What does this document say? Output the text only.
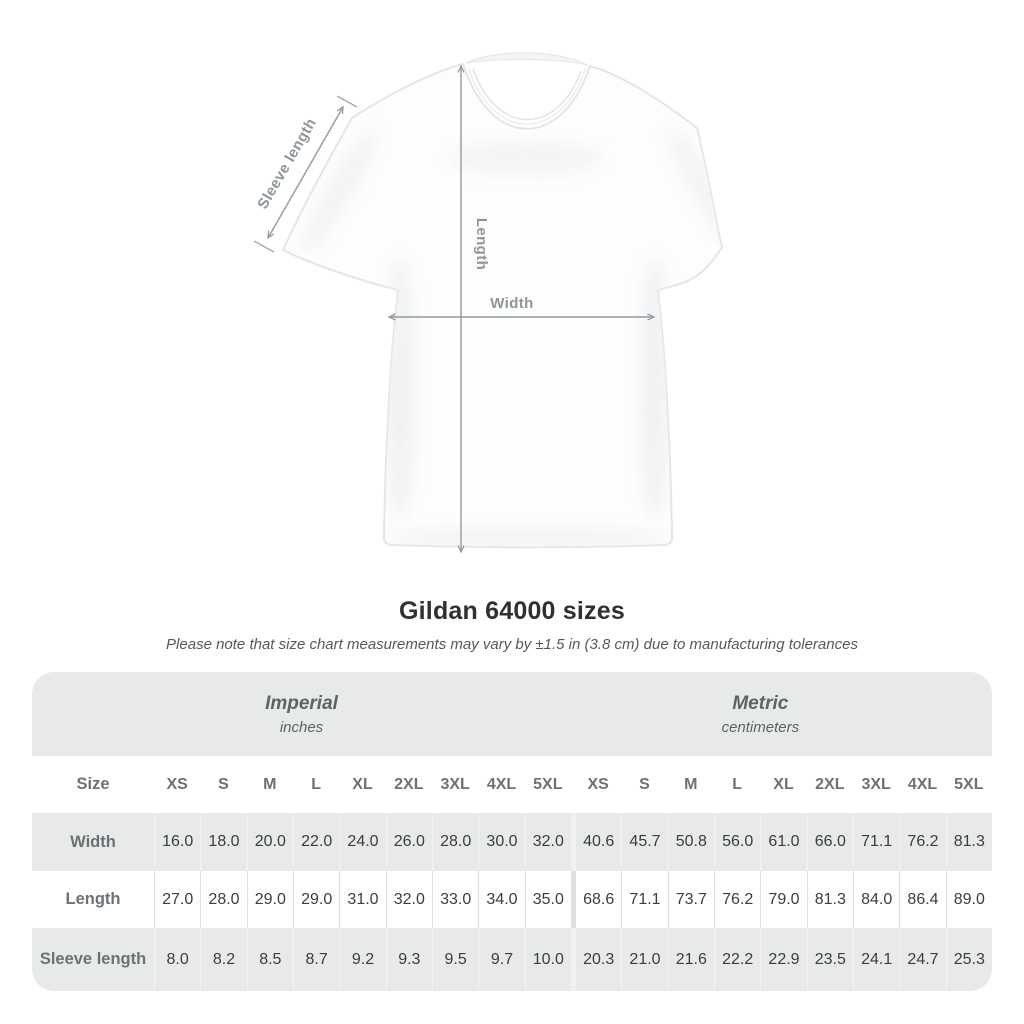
Length
Width
Sleeve length
Gildan 64000 sizes
Please note that size chart measurements may vary by ±1.5 in (3.8 cm) due to manufacturing tolerances
Imperial
inches
Metric
centimeters
Size	XS	S	M	L	XL	2XL	3XL	4XL	5XL	XS	S	M	L	XL	2XL	3XL	4XL	5XL
Width	16.0 18.0 20.0 22.0 24.0 26.0 28.0 30.0 32.0	40.6 45.7 50.8 56.0 61.0 66.0 71.1 76.2 81.3
Length	27.0 28.0 29.0 29.0 31.0 32.0 33.0 34.0 35.0	68.6 71.1 73.7 76.2 79.0 81.3 84.0 86.4 89.0
Sleeve length	8.0	8.2	8.5	8.7	9.2	9.3	9.5	9.7	10.0	20.3 21.0 21.6 22.2 22.9 23.5 24.1 24.7 25.3
